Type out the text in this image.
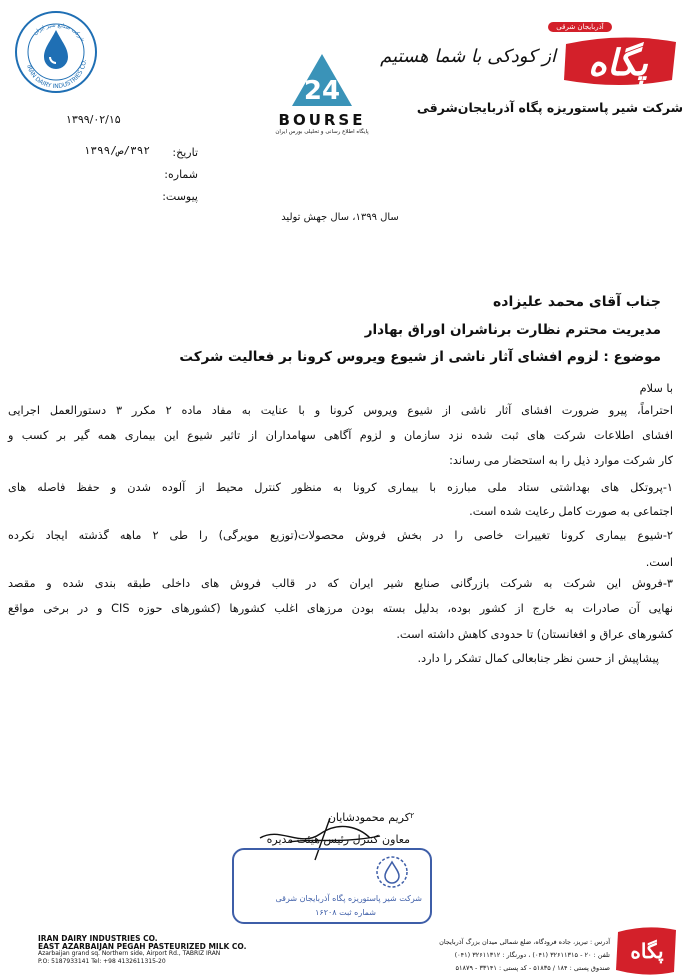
IRAN DAIRY INDUSTRIES CO.
شرکت صنایع شیر ایران
24
BOURSE
پایگاه اطلاع رسانی و تحلیلی بورس ایران
پگاه
آذربایجان شرقی
از کودکی با شما هستیم
شرکت شیر پاستوریزه پگاه آذربایجان‌شرقی
۱۳۹۹/۰۲/۱۵
تاریخ:
۳۹۲/ص/۱۳۹۹
شماره:
پیوست:
سال ۱۳۹۹، سال جهش تولید
جناب آقای محمد علیزاده
مدیریت محترم نظارت برناشران اوراق بهادار
موضوع : لزوم افشای آثار ناشی از شیوع ویروس کرونا بر فعالیت شرکت
با سلام
احتراماً، پیرو ضرورت افشای آثار ناشی از شیوع ویروس کرونا و با عنایت به مفاد ماده ۲ مکرر ۳ دستورالعمل اجرایی
افشای اطلاعات شرکت های ثبت شده نزد سازمان و لزوم آگاهی سهامداران از تاثیر شیوع این بیماری همه گیر بر کسب و
کار شرکت موارد ذیل را به استحضار می رساند:
۱-پروتکل های بهداشتی ستاد ملی مبارزه با بیماری کرونا به منظور کنترل محیط از آلوده شدن و حفظ فاصله های
اجتماعی به صورت کامل رعایت شده است.
۲-شیوع بیماری کرونا تغییرات خاصی را در بخش فروش محصولات(توزیع مویرگی) را طی ۲ ماهه گذشته ایجاد نکرده
است.
۳-فروش این شرکت به شرکت بازرگانی صنایع شیر ایران که در قالب فروش های داخلی طبقه بندی شده و مقصد
نهایی آن صادرات به خارج از کشور بوده، بدلیل بسته بودن مرزهای اغلب کشورها (کشورهای حوزه CIS و در برخی مواقع
کشورهای عراق و افغانستان) تا حدودی کاهش داشته است.
پیشاپیش از حسن نظر جنابعالی کمال تشکر را دارد.
کریم محمودشایان
معاون کنترل رئیس هیئت مدیره
۲
شرکت شیر پاستوریزه پگاه آذربایجان شرقی
شماره ثبت ۱۶۲۰۸
IRAN DAIRY INDUSTRIES CO.
EAST AZARBAIJAN PEGAH PASTEURIZED MILK CO.
Azarbaijan grand sq. Northern side, Airport Rd., TABRIZ IRAN
P.O: 5187933141 Tel: +98 4132611315-20
آدرس : تبریز، جاده فرودگاه، ضلع شمالی میدان بزرگ آذربایجان
تلفن : ۲۰ - ۳۲۶۱۱۳۱۵ (۰۴۱) ، دورنگار : ۳۲۶۱۱۳۱۲ (۰۴۱)
صندوق پستی : ۱۸۴ / ۵۱۸۳۵ - کد پستی : ۳۳۱۴۱ - ۵۱۸۷۹
پگاه
